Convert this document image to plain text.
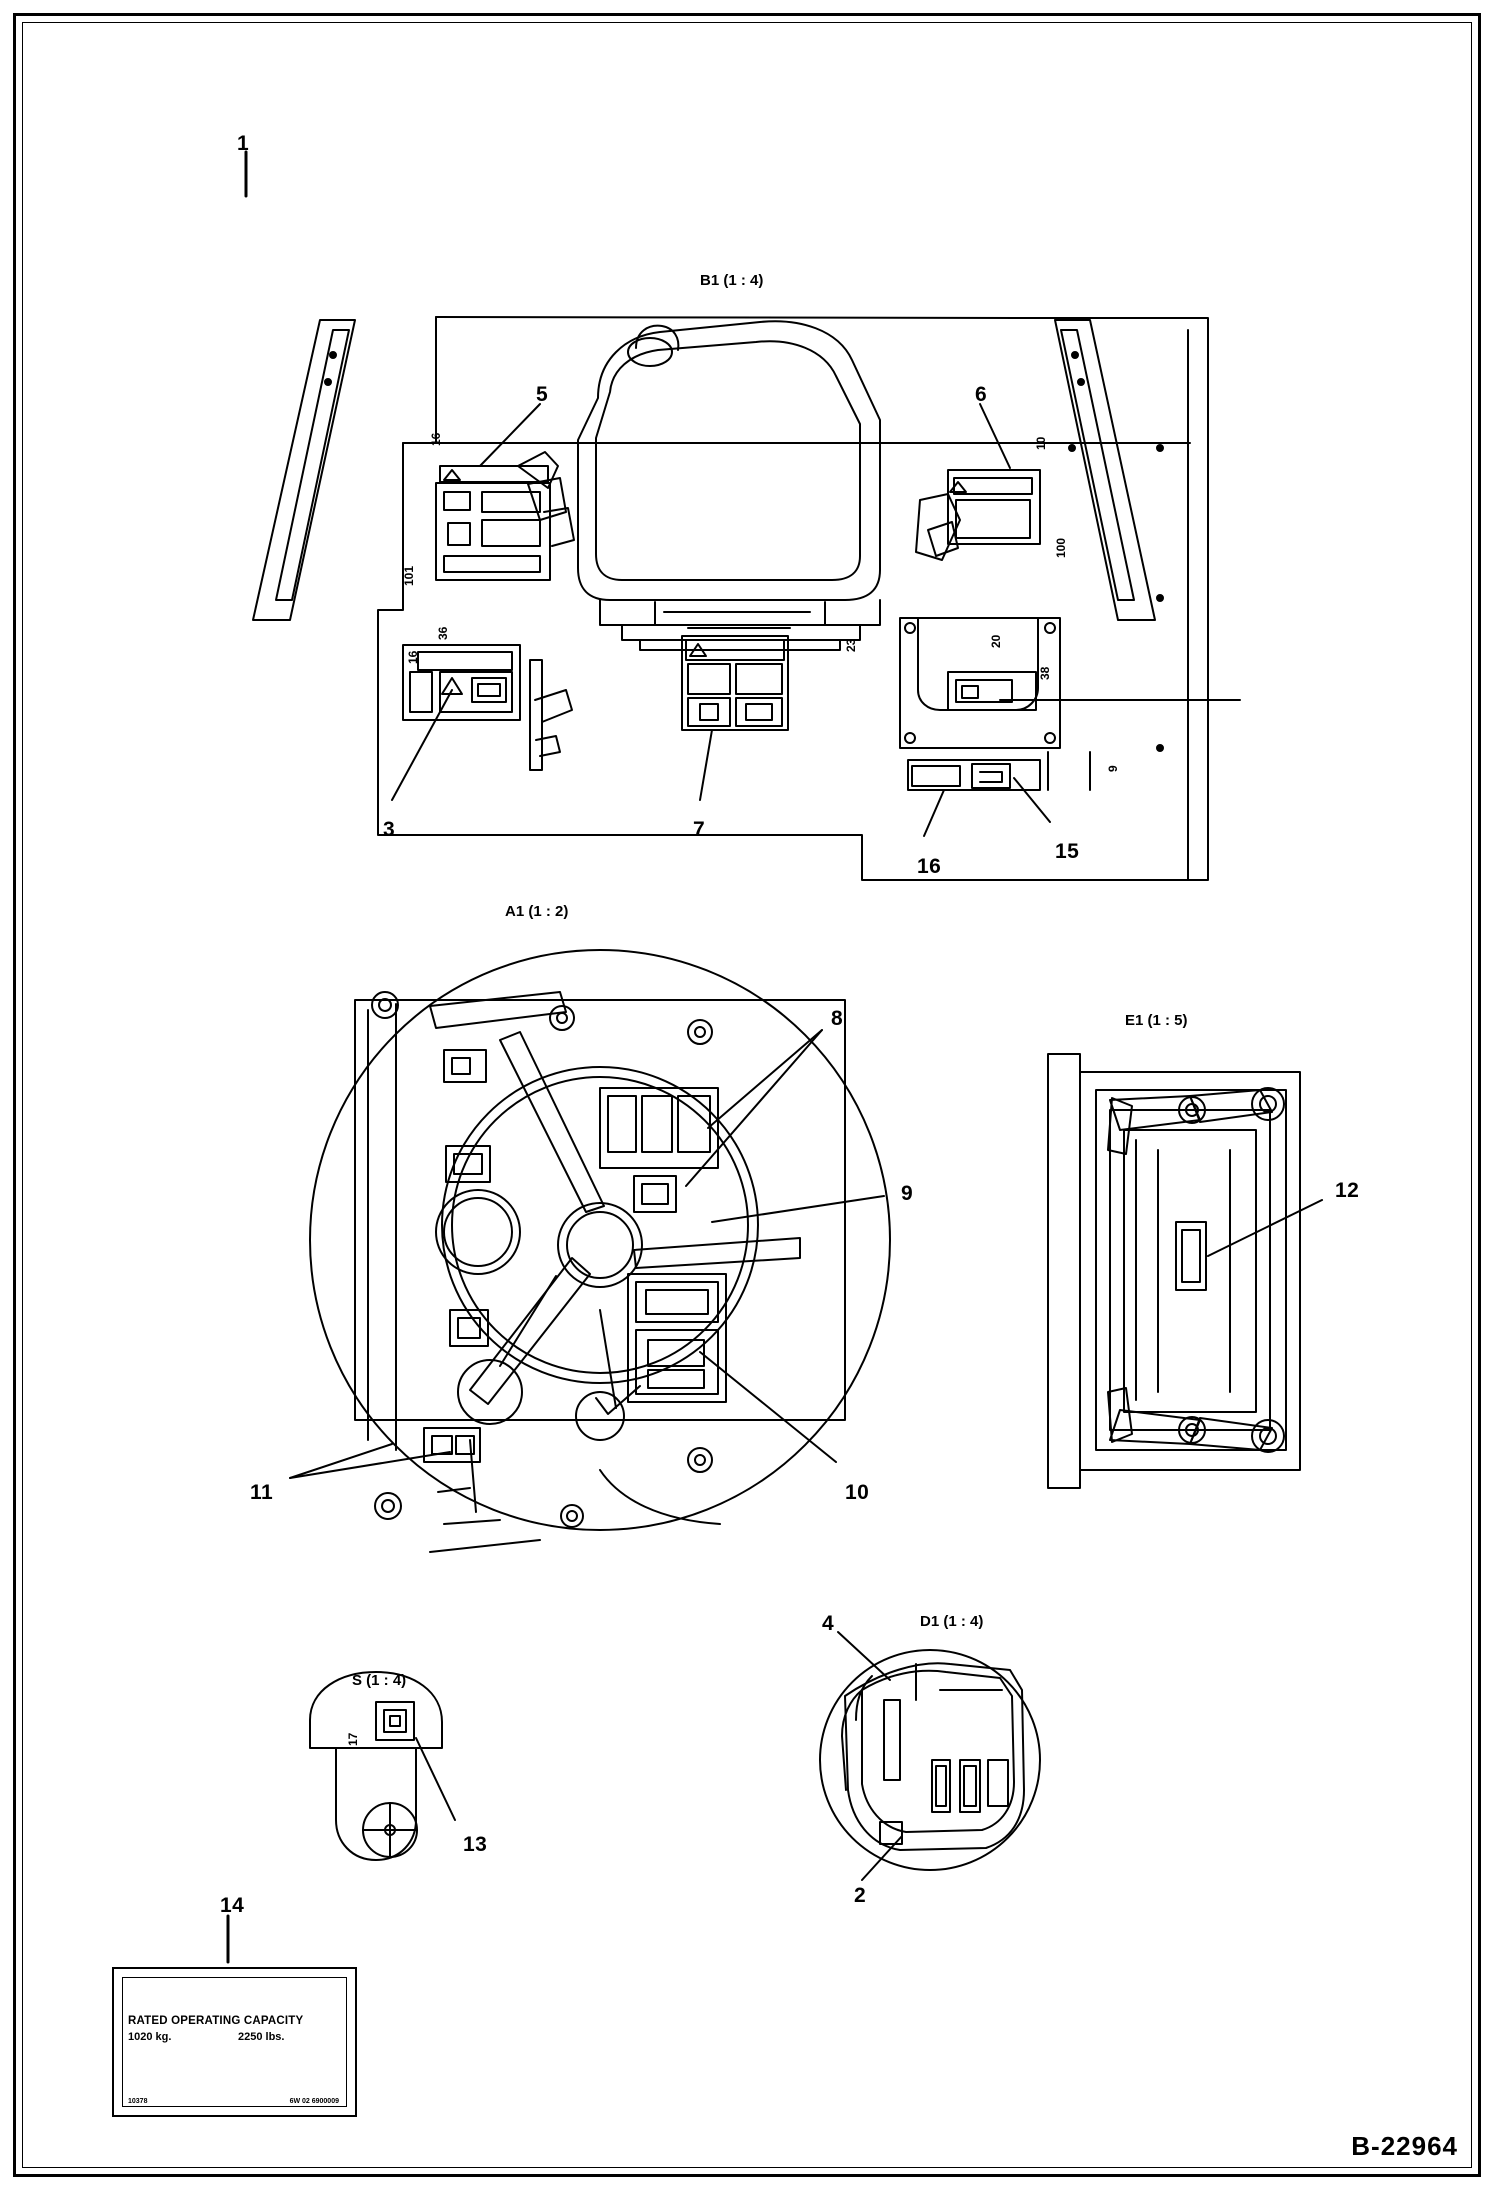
B1 (1 : 4)
A1 (1 : 2)
E1 (1 : 5)
S (1 : 4)
D1 (1 : 4)
1
5	6
3	7
16
15
8
9	12
11	10
4
13
2
14
16
101
10
100
36
16
23	20
38
9
17
RATED OPERATING CAPACITY
1020 kg.	2250 lbs.
10378	6W 02 6900009
B-22964
